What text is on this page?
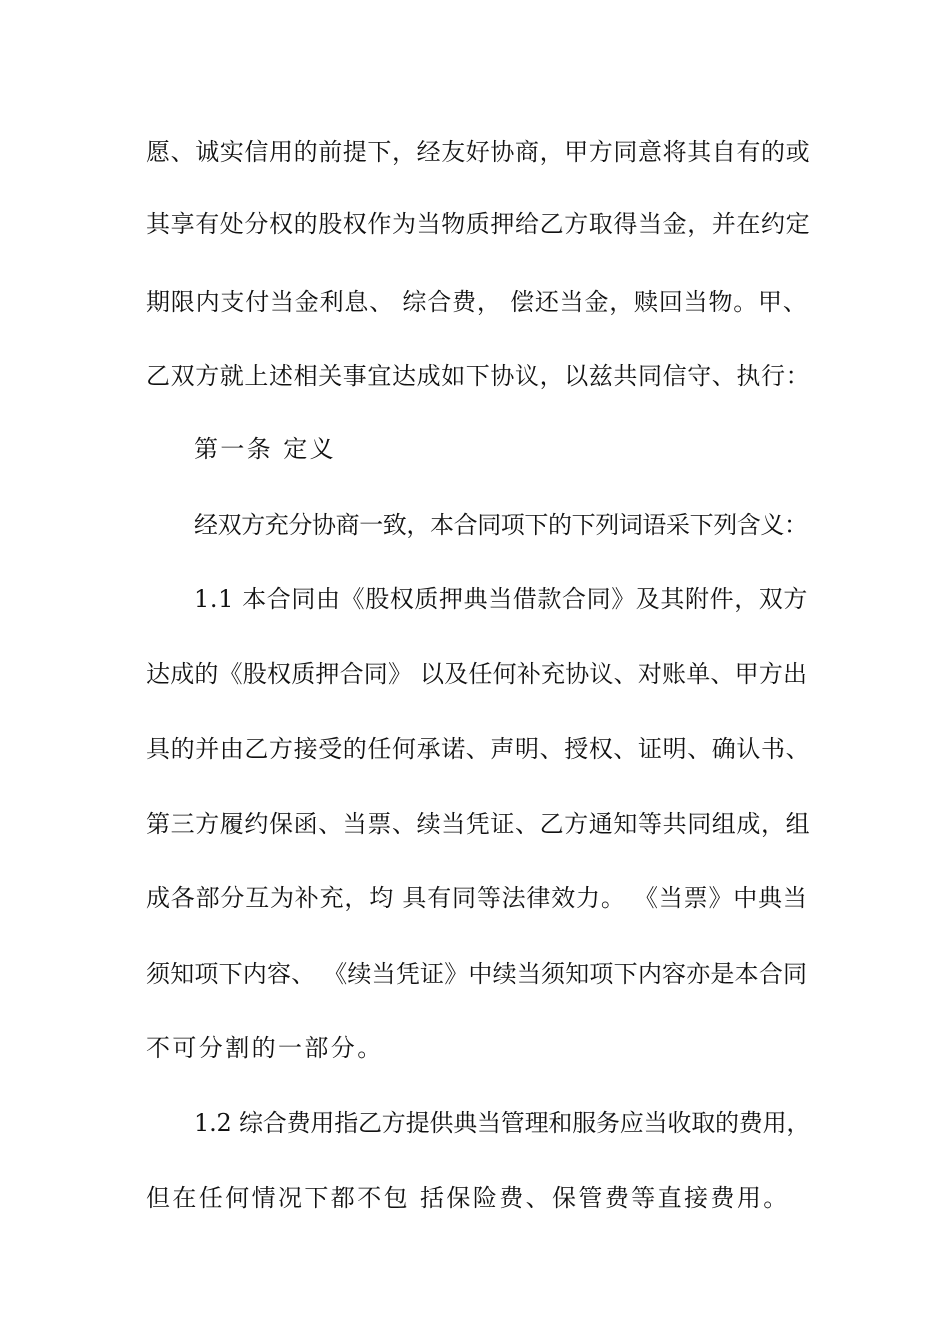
愿、诚实信用的前提下，经友好协商，甲方同意将其自有的或
其享有处分权的股权作为当物质押给乙方取得当金，并在约定
期限内支付当金利息、 综合费， 偿还当金，赎回当物。甲、
乙双方就上述相关事宜达成如下协议，以兹共同信守、执行：
第一条 定义
经双方充分协商一致，本合同项下的下列词语采下列含义：
1.1 本合同由《股权质押典当借款合同》及其附件，双方
达成的《股权质押合同》 以及任何补充协议、对账单、甲方出
具的并由乙方接受的任何承诺、声明、授权、证明、确认书、
第三方履约保函、当票、续当凭证、乙方通知等共同组成，组
成各部分互为补充，均 具有同等法律效力。 《当票》中典当
须知项下内容、 《续当凭证》中续当须知项下内容亦是本合同
不可分割的一部分。
1.2 综合费用指乙方提供典当管理和服务应当收取的费用，
但在任何情况下都不包 括保险费、保管费等直接费用。
